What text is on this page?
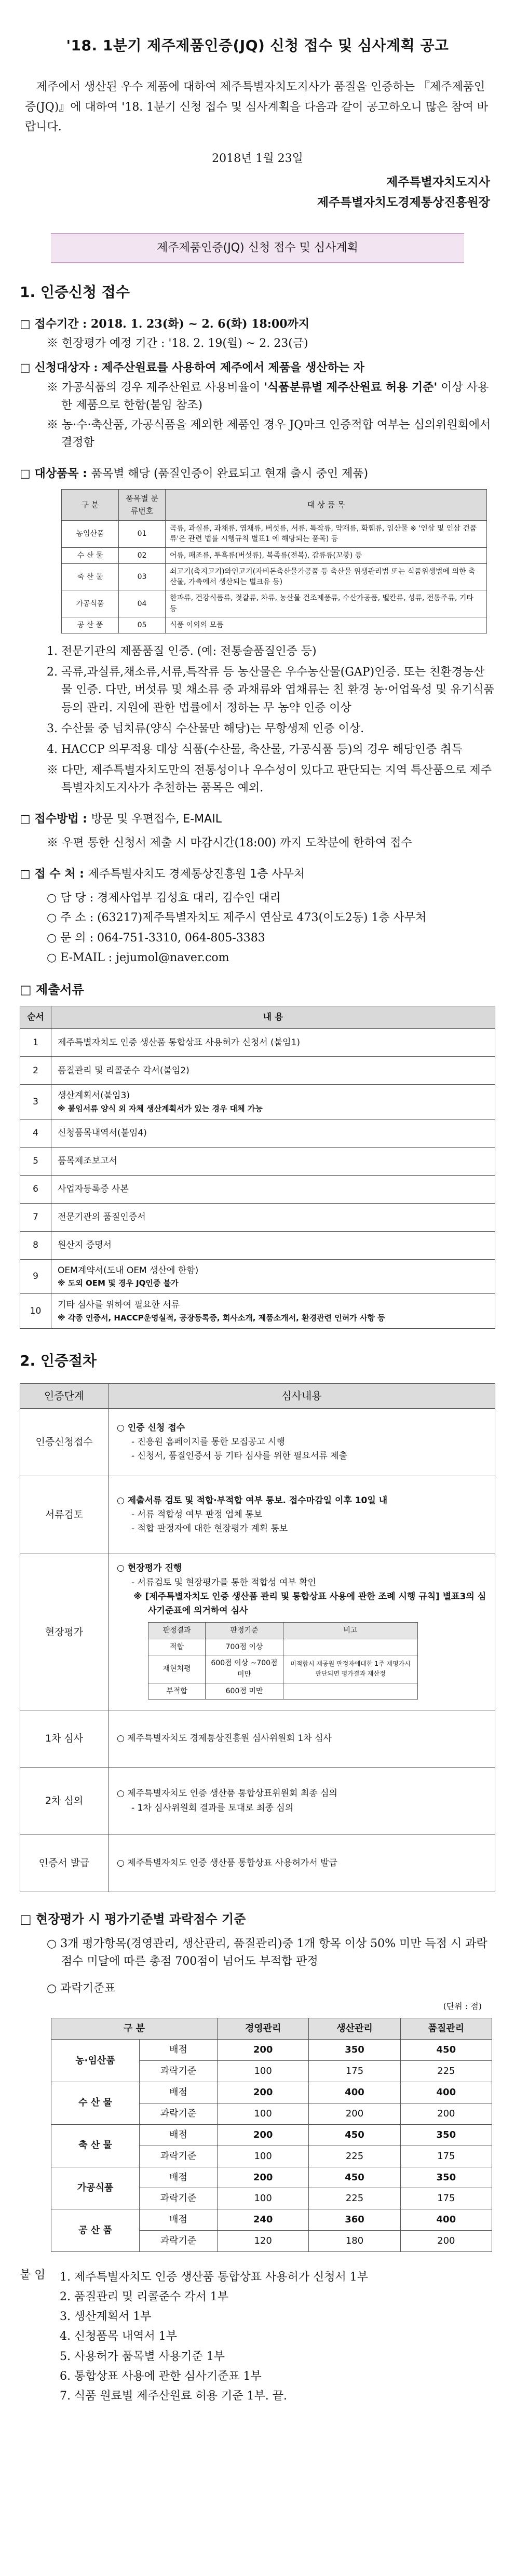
'18. 1분기 제주제품인증(JQ) 신청 접수 및 심사계획 공고

제주에서 생산된 우수 제품에 대하여 제주특별자치도지사가 품질을 인증하는 『제주제품인증(JQ)』에 대하여 '18. 1분기 신청 접수 및 심사계획을 다음과 같이 공고하오니 많은 참여 바랍니다.

2018년 1월 23일
제주특별자치도지사
제주특별자치도경제통상진흥원장
제주제품인증(JQ) 신청 접수 및 심사계획
1. 인증신청 접수
□ 접수기간 : 2018. 1. 23(화) ~ 2. 6(화) 18:00까지
※ 현장평가 예정 기간 : '18. 2. 19(월) ~ 2. 23(금)
□ 신청대상자 : 제주산원료를 사용하여 제주에서 제품을 생산하는 자
※ 가공식품의 경우 제주산원료 사용비율이 '식품분류별 제주산원료 허용 기준' 이상 사용한 제품으로 한함(붙임 참조)
※ 농·수·축산품, 가공식품을 제외한 제품인 경우 JQ마크 인증적합 여부는 심의위원회에서 결정함
□ 대상품목 : 품목별 해당 (품질인증이 완료되고 현재 출시 중인 제품)
구 분	품목별 분류번호	대 상 품 목
농임산품	01	곡류, 과실류, 과채류, 엽채류, 버섯류, 서류, 특작류, 약재류, 화훼류, 임산물 ※ '인삼 및 인삼 건품류'은 관련 법률 시행규칙 별표1 에 해당되는 품목) 등
수 산 물	02	어류, 패조류, 투흑류(버섯류), 복족류(전복), 갑류류(꼬붕) 등
축 산 물	03	쇠고기(축지고기)와인고기(자비돈축산물가공품 등 축산물 위생관리법 또는 식품위생법에 의한 축산물, 가축에서 생산되는 벌크유 등)
가공식품	04	한과류, 건강식품류, 젓갈류, 차류, 농산물 건조제품류, 수산가공품, 벨칸류, 성류, 전통주류, 기타 등
공 산 품	05	식품 이외의 모품
1. 전문기관의 제품품질 인증. (예: 전통술품질인증 등)
2. 곡류,과실류,채소류,서류,특작류 등 농산물은 우수농산물(GAP)인증. 또는 친환경농산물 인증. 다만, 버섯류 및 채소류 중 과채류와 엽채류는 친 환경 농·어업육성 및 유기식품 등의 관리. 지원에 관한 법률에서 정하는 무 농약 인증 이상
3. 수산물 중 넙치류(양식 수산물만 해당)는 무항생제 인증 이상.
4. HACCP 의무적용 대상 식품(수산물, 축산물, 가공식품 등)의 경우 해당인증 취득
※ 다만, 제주특별자치도만의 전통성이나 우수성이 있다고 판단되는 지역 특산품으로 제주특별자치도지사가 추천하는 품목은 예외.
□ 접수방법 : 방문 및 우편접수, E-MAIL
※ 우편 통한 신청서 제출 시 마감시간(18:00) 까지 도착분에 한하여 접수
□ 접 수 처 : 제주특별자치도 경제통상진흥원 1층 사무처
○ 담 당 : 경제사업부 김성효 대리, 김수인 대리
○ 주 소 : (63217)제주특별자치도 제주시 연삼로 473(이도2동) 1층 사무처
○ 문 의 : 064-751-3310, 064-805-3383
○ E-MAIL : jejumol@naver.com
□ 제출서류
순서	내 용
1	제주특별자치도 인증 생산품 통합상표 사용허가 신청서 (붙임1)

2	품질관리 및 리콜준수 각서(붙임2)

3	생산계획서(붙임3)
※ 붙임서류 양식 외 자체 생산계획서가 있는 경우 대체 가능

4	신청품목내역서(붙임4)

5	품목제조보고서

6	사업자등록증 사본

7	전문기관의 품질인증서

8	원산지 증명서

9	OEM계약서(도내 OEM 생산에 한함)
※ 도외 OEM 및 경우 JQ인증 불가

10	기타 심사를 위하여 필요한 서류
※ 각종 인증서, HACCP운영실적, 공장등록증, 회사소개, 제품소개서, 환경관련 인허가 사항 등
2. 인증절차
인증단계	심사내용
인증신청접수	
○ 인증 신청 접수
- 진흥원 홈페이지를 통한 모집공고 시행
- 신청서, 품질인증서 등 기타 심사를 위한 필요서류 제출

서류검토	
○ 제출서류 검토 및 적합·부적합 여부 통보. 접수마감일 이후 10일 내
- 서류 적합성 여부 판정 업체 통보
- 적합 판정자에 대한 현장평가 계획 통보

현장평가	
○ 현장평가 진행
- 서류검토 및 현장평가를 통한 적합성 여부 확인
※ [제주특별자치도 인증 생산품 관리 및 통합상표 사용에 관한 조례 시행 규칙] 별표3의 심사기준표에 의거하여 심사
판정결과	판정기준	비고
적합	700점 이상	
재현처평	600점 이상 ~700점 미만	미적합시 재공원 판정자에대한 1주 재평가시 판단되면 평가결과 재산정
부적합	600점 미만	

1차 심사	○ 제주특별자치도 경제통상진흥원 심사위원회 1차 심사

2차 심의	
○ 제주특별자치도 인증 생산품 통합상표위원회 최종 심의
- 1차 심사위원회 결과를 토대로 최종 심의

인증서 발급	○ 제주특별자치도 인증 생산품 통합상표 사용허가서 발급
□ 현장평가 시 평가기준별 과락점수 기준
○ 3개 평가항목(경영관리, 생산관리, 품질관리)중 1개 항목 이상 50% 미만 득점 시 과락점수 미달에 따른 총점 700점이 넘어도 부적합 판정
○ 과락기준표
(단위 : 점)
구 분		경영관리	생산관리	품질관리
농·임산품	배점	200	350	450
	과락기준	100	175	225
수 산 물	배점	200	400	400
	과락기준	100	200	200
축 산 물	배점	200	450	350
	과락기준	100	225	175
가공식품	배점	200	450	350
	과락기준	100	225	175
공 산 품	배점	240	360	400
	과락기준	120	180	200
붙 임 1. 제주특별자치도 인증 생산품 통합상표 사용허가 신청서 1부
2. 품질관리 및 리콜준수 각서 1부
3. 생산계획서 1부
4. 신청품목 내역서 1부
5. 사용허가 품목별 사용기준 1부
6. 통합상표 사용에 관한 심사기준표 1부
7. 식품 원료별 제주산원료 허용 기준 1부. 끝.
